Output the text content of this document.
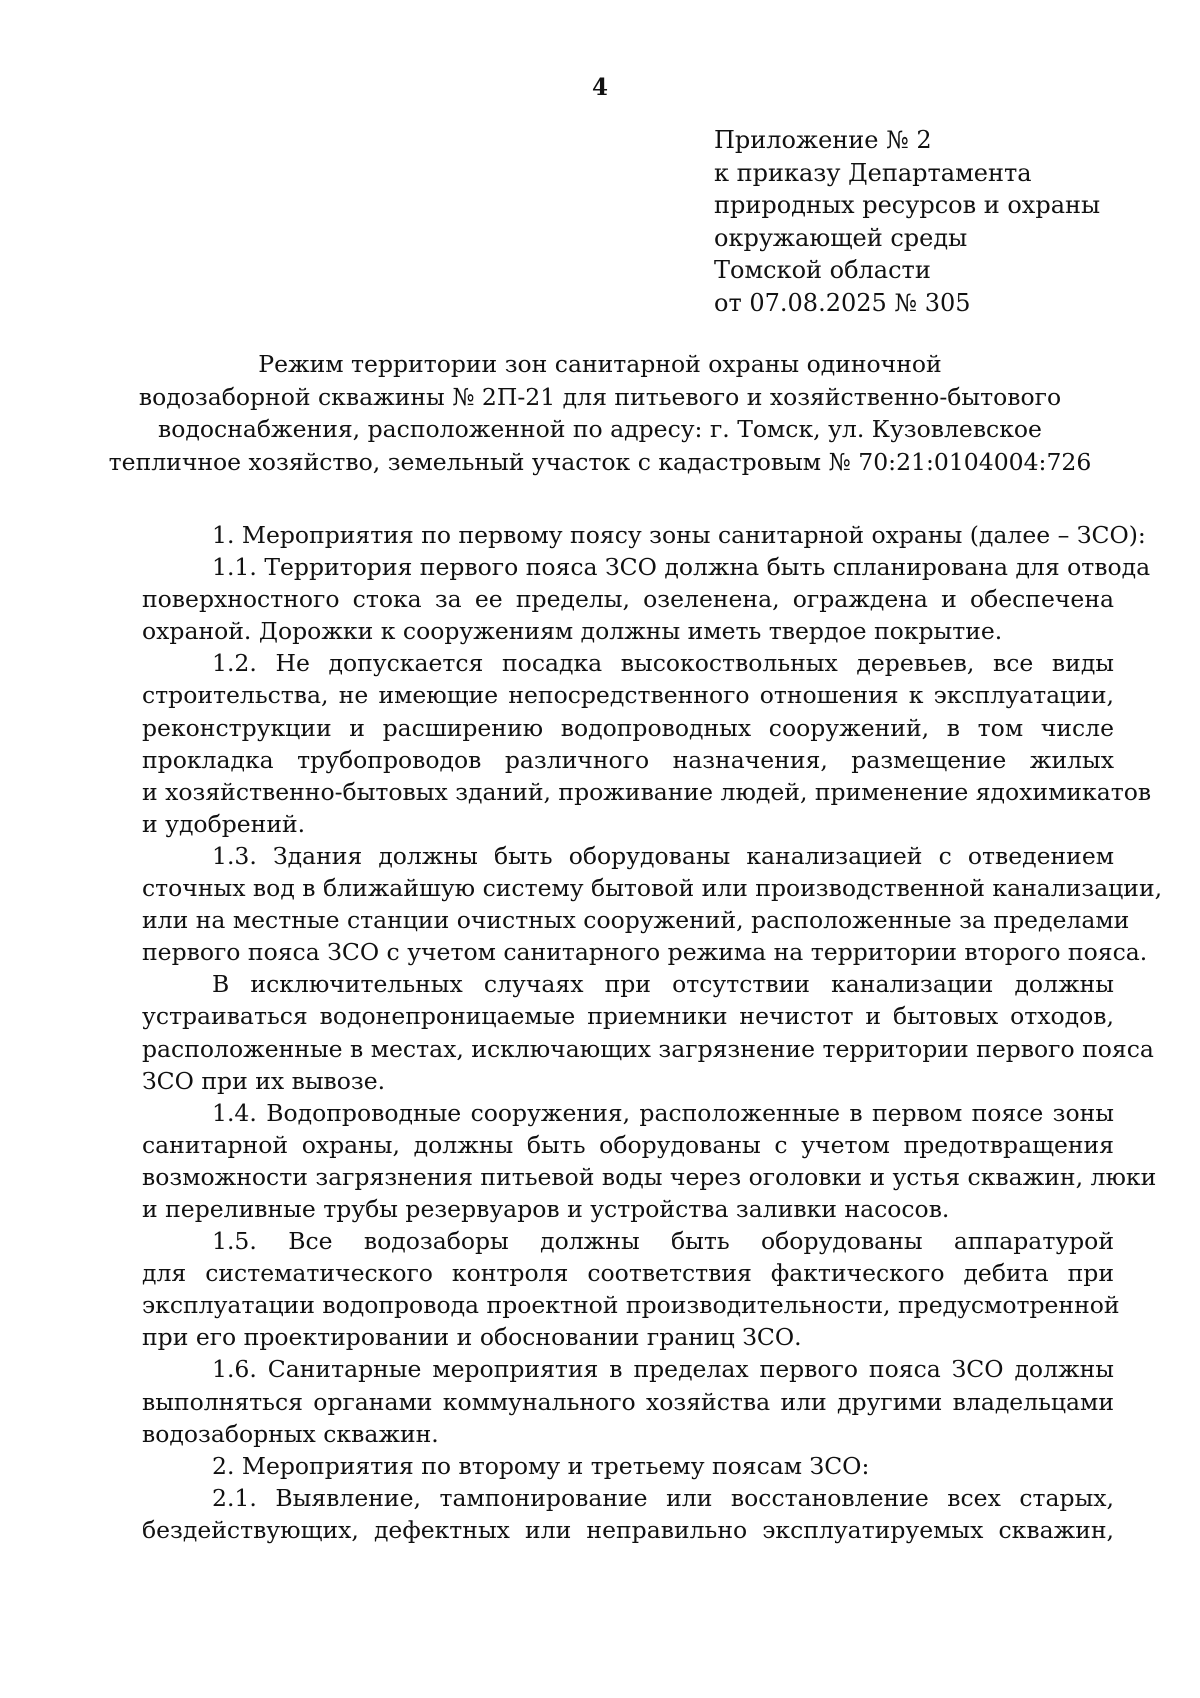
4
Приложение № 2
к приказу Департамента
природных ресурсов и охраны
окружающей среды
Томской области
от 07.08.2025 № 305
Режим территории зон санитарной охраны одиночной
водозаборной скважины № 2П-21 для питьевого и хозяйственно-бытового
водоснабжения, расположенной по адресу: г. Томск, ул. Кузовлевское
тепличное хозяйство, земельный участок с кадастровым № 70:21:0104004:726
1. Мероприятия по первому поясу зоны санитарной охраны (далее – ЗСО):
1.1. Территория первого пояса ЗСО должна быть спланирована для отвода
поверхностного стока за ее пределы, озеленена, ограждена и обеспечена
охраной. Дорожки к сооружениям должны иметь твердое покрытие.
1.2. Не допускается посадка высокоствольных деревьев, все виды
строительства, не имеющие непосредственного отношения к эксплуатации,
реконструкции и расширению водопроводных сооружений, в том числе
прокладка трубопроводов различного назначения, размещение жилых
и хозяйственно-бытовых зданий, проживание людей, применение ядохимикатов
и удобрений.
1.3. Здания должны быть оборудованы канализацией с отведением
сточных вод в ближайшую систему бытовой или производственной канализации,
или на местные станции очистных сооружений, расположенные за пределами
первого пояса ЗСО с учетом санитарного режима на территории второго пояса.
В исключительных случаях при отсутствии канализации должны
устраиваться водонепроницаемые приемники нечистот и бытовых отходов,
расположенные в местах, исключающих загрязнение территории первого пояса
ЗСО при их вывозе.
1.4. Водопроводные сооружения, расположенные в первом поясе зоны
санитарной охраны, должны быть оборудованы с учетом предотвращения
возможности загрязнения питьевой воды через оголовки и устья скважин, люки
и переливные трубы резервуаров и устройства заливки насосов.
1.5. Все водозаборы должны быть оборудованы аппаратурой
для систематического контроля соответствия фактического дебита при
эксплуатации водопровода проектной производительности, предусмотренной
при его проектировании и обосновании границ ЗСО.
1.6. Санитарные мероприятия в пределах первого пояса ЗСО должны
выполняться органами коммунального хозяйства или другими владельцами
водозаборных скважин.
2. Мероприятия по второму и третьему поясам ЗСО:
2.1. Выявление, тампонирование или восстановление всех старых,
бездействующих, дефектных или неправильно эксплуатируемых скважин,
